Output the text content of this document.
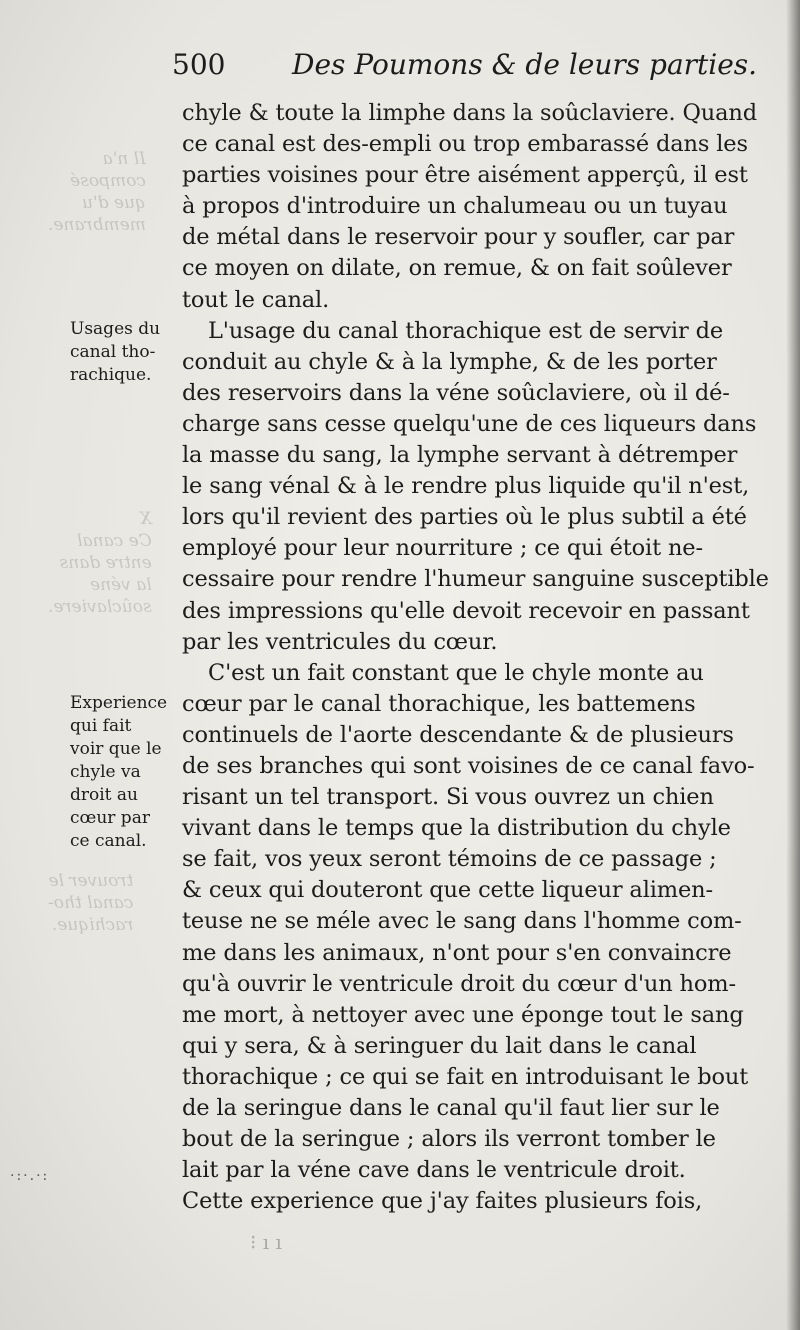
Il n'a
composé
que d'u
membrane.
X
Ce canal
entre dans
la véne
soûclaviere.
trouver le
canal tho-
rachique.
500 Des Poumons & de leurs parties.
Usages du
canal tho-
rachique.
Experience
qui fait
voir que le
chyle va
droit au
cœur par
ce canal.
chyle & toute la limphe dans la soûclaviere. Quand
ce canal est des-empli ou trop embarassé dans les
parties voisines pour être aisément apperçû, il est
à propos d'introduire un chalumeau ou un tuyau
de métal dans le reservoir pour y soufler, car par
ce moyen on dilate, on remue, & on fait soûlever
tout le canal.
L'usage du canal thorachique est de servir de
conduit au chyle & à la lymphe, & de les porter
des reservoirs dans la véne soûclaviere, où il dé-
charge sans cesse quelqu'une de ces liqueurs dans
la masse du sang, la lymphe servant à détremper
le sang vénal & à le rendre plus liquide qu'il n'est,
lors qu'il revient des parties où le plus subtil a été
employé pour leur nourriture ; ce qui étoit ne-
cessaire pour rendre l'humeur sanguine susceptible
des impressions qu'elle devoit recevoir en passant
par les ventricules du cœur.
C'est un fait constant que le chyle monte au
cœur par le canal thorachique, les battemens
continuels de l'aorte descendante & de plusieurs
de ses branches qui sont voisines de ce canal favo-
risant un tel transport. Si vous ouvrez un chien
vivant dans le temps que la distribution du chyle
se fait, vos yeux seront témoins de ce passage ;
& ceux qui douteront que cette liqueur alimen-
teuse ne se méle avec le sang dans l'homme com-
me dans les animaux, n'ont pour s'en convaincre
qu'à ouvrir le ventricule droit du cœur d'un hom-
me mort, à nettoyer avec une éponge tout le sang
qui y sera, & à seringuer du lait dans le canal
thorachique ; ce qui se fait en introduisant le bout
de la seringue dans le canal qu'il faut lier sur le
bout de la seringue ; alors ils verront tomber le
lait par la véne cave dans le ventricule droit.
Cette experience que j'ay faites plusieurs fois,
·:·.·:
⁝ ı ı
